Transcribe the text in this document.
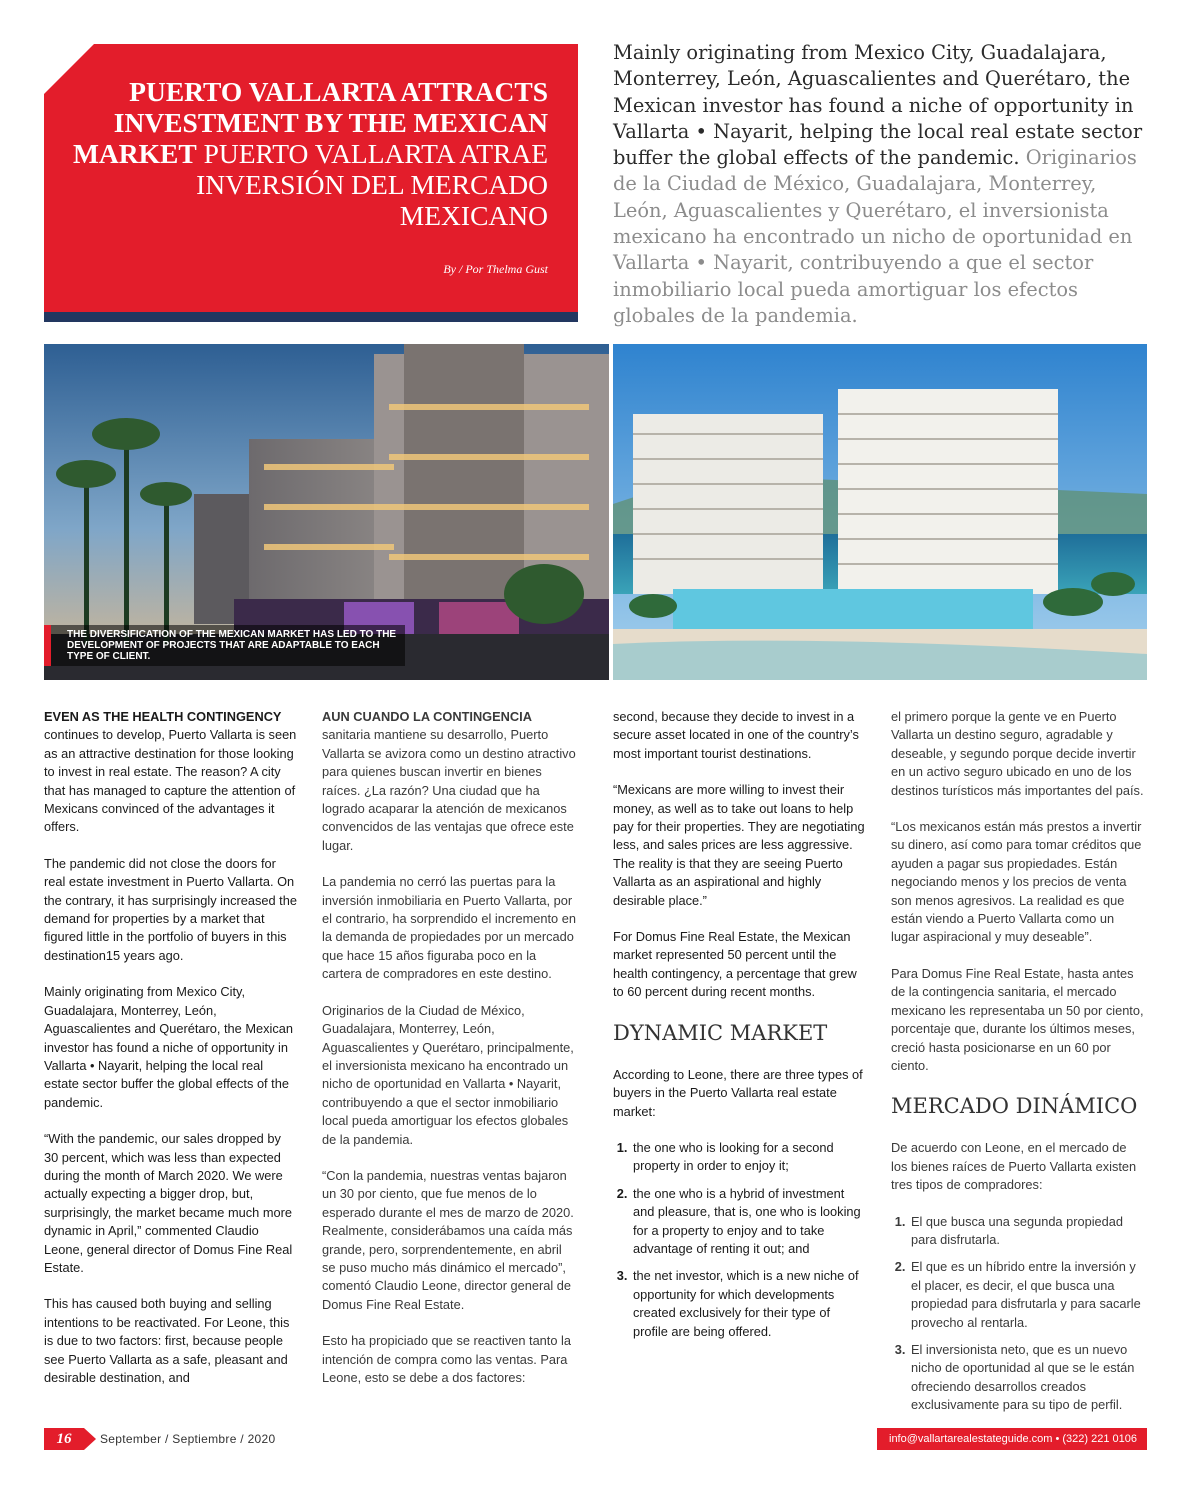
PUERTO VALLARTA ATTRACTS INVESTMENT BY THE MEXICAN MARKET PUERTO VALLARTA ATRAE INVERSIÓN DEL MERCADO MEXICANO
By / Por Thelma Gust
Mainly originating from Mexico City, Guadalajara, Monterrey, León, Aguascalientes and Querétaro, the Mexican investor has found a niche of opportunity in Vallarta • Nayarit, helping the local real estate sector buffer the global effects of the pandemic. Originarios de la Ciudad de México, Guadalajara, Monterrey, León, Aguascalientes y Querétaro, el inversionista mexicano ha encontrado un nicho de oportunidad en Vallarta • Nayarit, contribuyendo a que el sector inmobiliario local pueda amortiguar los efectos globales de la pandemia.
THE DIVERSIFICATION OF THE MEXICAN MARKET HAS LED TO THE DEVELOPMENT OF PROJECTS THAT ARE ADAPTABLE TO EACH TYPE OF CLIENT.

EVEN AS THE HEALTH CONTINGENCY continues to develop, Puerto Vallarta is seen as an attractive destination for those looking to invest in real estate. The reason? A city that has managed to capture the attention of Mexicans convinced of the advantages it offers.

The pandemic did not close the doors for real estate investment in Puerto Vallarta. On the contrary, it has surprisingly increased the demand for properties by a market that figured little in the portfolio of buyers in this destination15 years ago.

Mainly originating from Mexico City, Guadalajara, Monterrey, León, Aguascalientes and Querétaro, the Mexican investor has found a niche of opportunity in Vallarta • Nayarit, helping the local real estate sector buffer the global effects of the pandemic.

“With the pandemic, our sales dropped by 30 percent, which was less than expected during the month of March 2020. We were actually expecting a bigger drop, but, surprisingly, the market became much more dynamic in April,” commented Claudio Leone, general director of Domus Fine Real Estate.

This has caused both buying and selling intentions to be reactivated. For Leone, this is due to two factors: first, because people see Puerto Vallarta as a safe, pleasant and desirable destination, and

AUN CUANDO LA CONTINGENCIA sanitaria mantiene su desarrollo, Puerto Vallarta se avizora como un destino atractivo para quienes buscan invertir en bienes raíces. ¿La razón? Una ciudad que ha logrado acaparar la atención de mexicanos convencidos de las ventajas que ofrece este lugar.

La pandemia no cerró las puertas para la inversión inmobiliaria en Puerto Vallarta, por el contrario, ha sorprendido el incremento en la demanda de propiedades por un mercado que hace 15 años figuraba poco en la cartera de compradores en este destino.

Originarios de la Ciudad de México, Guadalajara, Monterrey, León, Aguascalientes y Querétaro, principalmente, el inversionista mexicano ha encontrado un nicho de oportunidad en Vallarta • Nayarit, contribuyendo a que el sector inmobiliario local pueda amortiguar los efectos globales de la pandemia.

“Con la pandemia, nuestras ventas bajaron un 30 por ciento, que fue menos de lo esperado durante el mes de marzo de 2020. Realmente, considerábamos una caída más grande, pero, sorprendentemente, en abril se puso mucho más dinámico el mercado”, comentó Claudio Leone, director general de Domus Fine Real Estate.

Esto ha propiciado que se reactiven tanto la intención de compra como las ventas. Para Leone, esto se debe a dos factores:

second, because they decide to invest in a secure asset located in one of the country’s most important tourist destinations.

“Mexicans are more willing to invest their money, as well as to take out loans to help pay for their properties. They are negotiating less, and sales prices are less aggressive. The reality is that they are seeing Puerto Vallarta as an aspirational and highly desirable place.”

For Domus Fine Real Estate, the Mexican market represented 50 percent until the health contingency, a percentage that grew to 60 percent during recent months.

DYNAMIC MARKET

According to Leone, there are three types of buyers in the Puerto Vallarta real estate market:

1. the one who is looking for a second property in order to enjoy it;
2. the one who is a hybrid of investment and pleasure, that is, one who is looking for a property to enjoy and to take advantage of renting it out; and
3. the net investor, which is a new niche of opportunity for which developments created exclusively for their type of profile are being offered.

el primero porque la gente ve en Puerto Vallarta un destino seguro, agradable y deseable, y segundo porque decide invertir en un activo seguro ubicado en uno de los destinos turísticos más importantes del país.

“Los mexicanos están más prestos a invertir su dinero, así como para tomar créditos que ayuden a pagar sus propiedades. Están negociando menos y los precios de venta son menos agresivos. La realidad es que están viendo a Puerto Vallarta como un lugar aspiracional y muy deseable”.

Para Domus Fine Real Estate, hasta antes de la contingencia sanitaria, el mercado mexicano les representaba un 50 por ciento, porcentaje que, durante los últimos meses, creció hasta posicionarse en un 60 por ciento.

MERCADO DINÁMICO

De acuerdo con Leone, en el mercado de los bienes raíces de Puerto Vallarta existen tres tipos de compradores:

1. El que busca una segunda propiedad para disfrutarla.
2. El que es un híbrido entre la inversión y el placer, es decir, el que busca una propiedad para disfrutarla y para sacarle provecho al rentarla.
3. El inversionista neto, que es un nuevo nicho de oportunidad al que se le están ofreciendo desarrollos creados exclusivamente para su tipo de perfil.
16	September / Septiembre / 2020	info@vallartarealestateguide.com • (322) 221 0106
